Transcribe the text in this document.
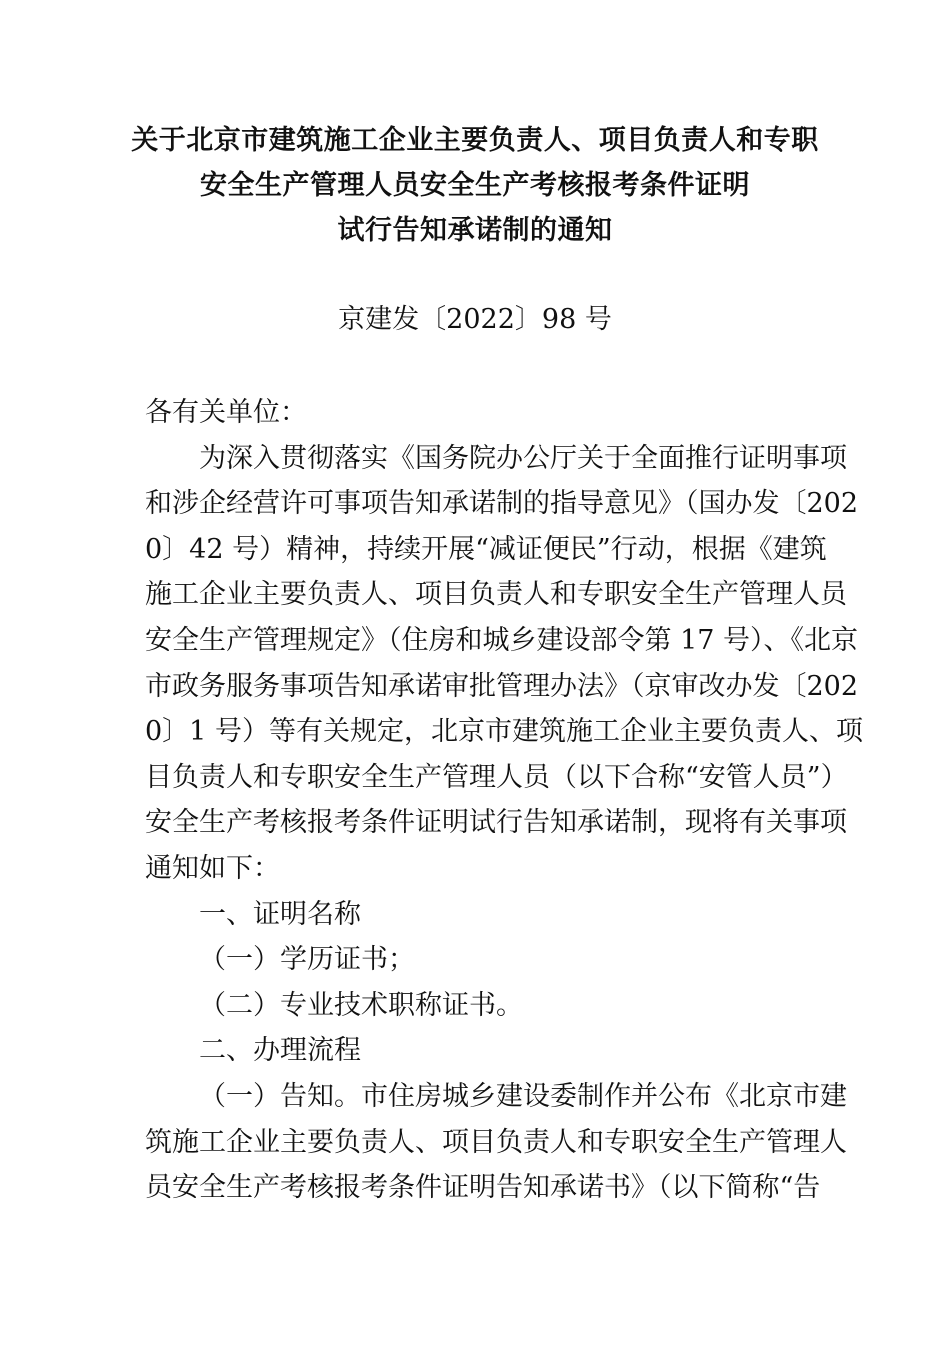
关于北京市建筑施工企业主要负责人、项目负责人和专职
安全生产管理人员安全生产考核报考条件证明
试行告知承诺制的通知
京建发〔2022〕98 号
各有关单位：
为深入贯彻落实《国务院办公厅关于全面推行证明事项
和涉企经营许可事项告知承诺制的指导意见》（国办发〔202
0〕42 号）精神，持续开展“减证便民”行动，根据《建筑
施工企业主要负责人、项目负责人和专职安全生产管理人员
安全生产管理规定》（住房和城乡建设部令第 17 号）、《北京
市政务服务事项告知承诺审批管理办法》（京审改办发〔202
0〕1 号）等有关规定，北京市建筑施工企业主要负责人、项
目负责人和专职安全生产管理人员（以下合称“安管人员”）
安全生产考核报考条件证明试行告知承诺制，现将有关事项
通知如下：
一、证明名称
（一）学历证书；
（二）专业技术职称证书。
二、办理流程
（一）告知。市住房城乡建设委制作并公布《北京市建
筑施工企业主要负责人、项目负责人和专职安全生产管理人
员安全生产考核报考条件证明告知承诺书》（以下简称“告
